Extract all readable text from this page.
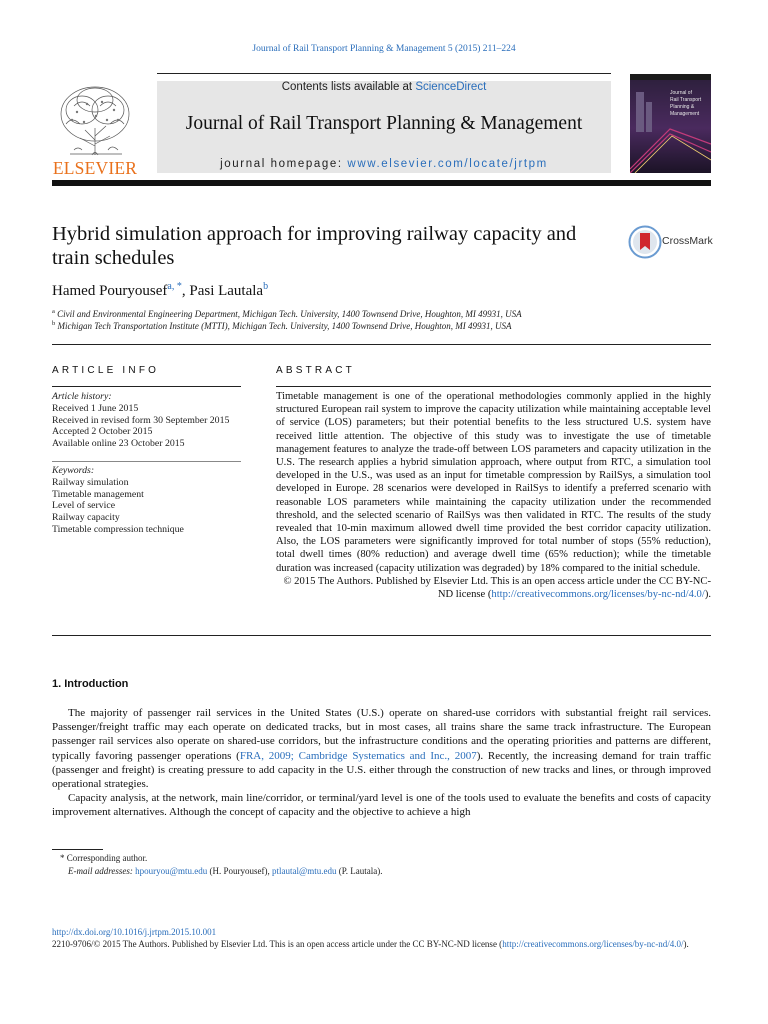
Journal of Rail Transport Planning & Management 5 (2015) 211–224
ELSEVIER
Contents lists available at ScienceDirect
Journal of Rail Transport Planning & Management
journal homepage: www.elsevier.com/locate/jrtpm
Journal of
Rail Transport
Planning &
Management
Hybrid simulation approach for improving railway capacity and train schedules
CrossMark
Hamed Pouryousef$^{a, *}$, Pasi Lautala$^b$
$^a$ Civil and Environmental Engineering Department, Michigan Tech. University, 1400 Townsend Drive, Houghton, MI 49931, USA
$^b$ Michigan Tech Transportation Institute (MTTI), Michigan Tech. University, 1400 Townsend Drive, Houghton, MI 49931, USA
ARTICLE INFO
Article history:
Received 1 June 2015
Received in revised form 30 September 2015
Accepted 2 October 2015
Available online 23 October 2015
Keywords:
Railway simulation
Timetable management
Level of service
Railway capacity
Timetable compression technique
ABSTRACT

Timetable management is one of the operational methodologies commonly applied in the highly structured European rail system to improve the capacity utilization while maintaining acceptable level of service (LOS) parameters; but their potential benefits to the less structured U.S. system have received little attention. The objective of this study was to investigate the use of timetable management features to analyze the trade-off between LOS parameters and capacity utilization in the U.S. The research applies a hybrid simulation approach, where output from RTC, a simulation tool developed in the U.S., was used as an input for timetable compression by RailSys, a simulation tool developed in Europe. 28 scenarios were developed in RailSys to identify a preferred scenario with reasonable LOS parameters while maintaining the capacity utilization under the recommended threshold, and the selected scenario of RailSys was then validated in RTC. The results of the study revealed that 10-min maximum allowed dwell time provided the best corridor capacity utilization. Also, the LOS parameters were significantly improved for total number of stops (55% reduction), total dwell times (80% reduction) and average dwell time (65% reduction); while the timetable duration was increased (capacity utilization was degraded) by 18% compared to the initial schedule.

© 2015 The Authors. Published by Elsevier Ltd. This is an open access article under the CC BY-NC-ND license (http://creativecommons.org/licenses/by-nc-nd/4.0/).

1. Introduction

The majority of passenger rail services in the United States (U.S.) operate on shared-use corridors with substantial freight rail services. Passenger/freight traffic may each operate on dedicated tracks, but in most cases, all trains share the same track infrastructure. The European passenger rail services also operate on shared-use corridors, but the infrastructure conditions and the operating priorities and patterns are different, typically favoring passenger operations (FRA, 2009; Cambridge Systematics and Inc., 2007). Recently, the increasing demand for train traffic (passenger and freight) is creating pressure to add capacity in the U.S. either through the construction of new tracks and lines, or through improved operational strategies.

Capacity analysis, at the network, main line/corridor, or terminal/yard level is one of the tools used to evaluate the benefits and costs of capacity improvement alternatives. Although the concept of capacity and the objective to achieve a high

* Corresponding author.
E-mail addresses: hpouryou@mtu.edu (H. Pouryousef), ptlautal@mtu.edu (P. Lautala).
http://dx.doi.org/10.1016/j.jrtpm.2015.10.001
2210-9706/© 2015 The Authors. Published by Elsevier Ltd. This is an open access article under the CC BY-NC-ND license (http://creativecommons.org/licenses/by-nc-nd/4.0/).
